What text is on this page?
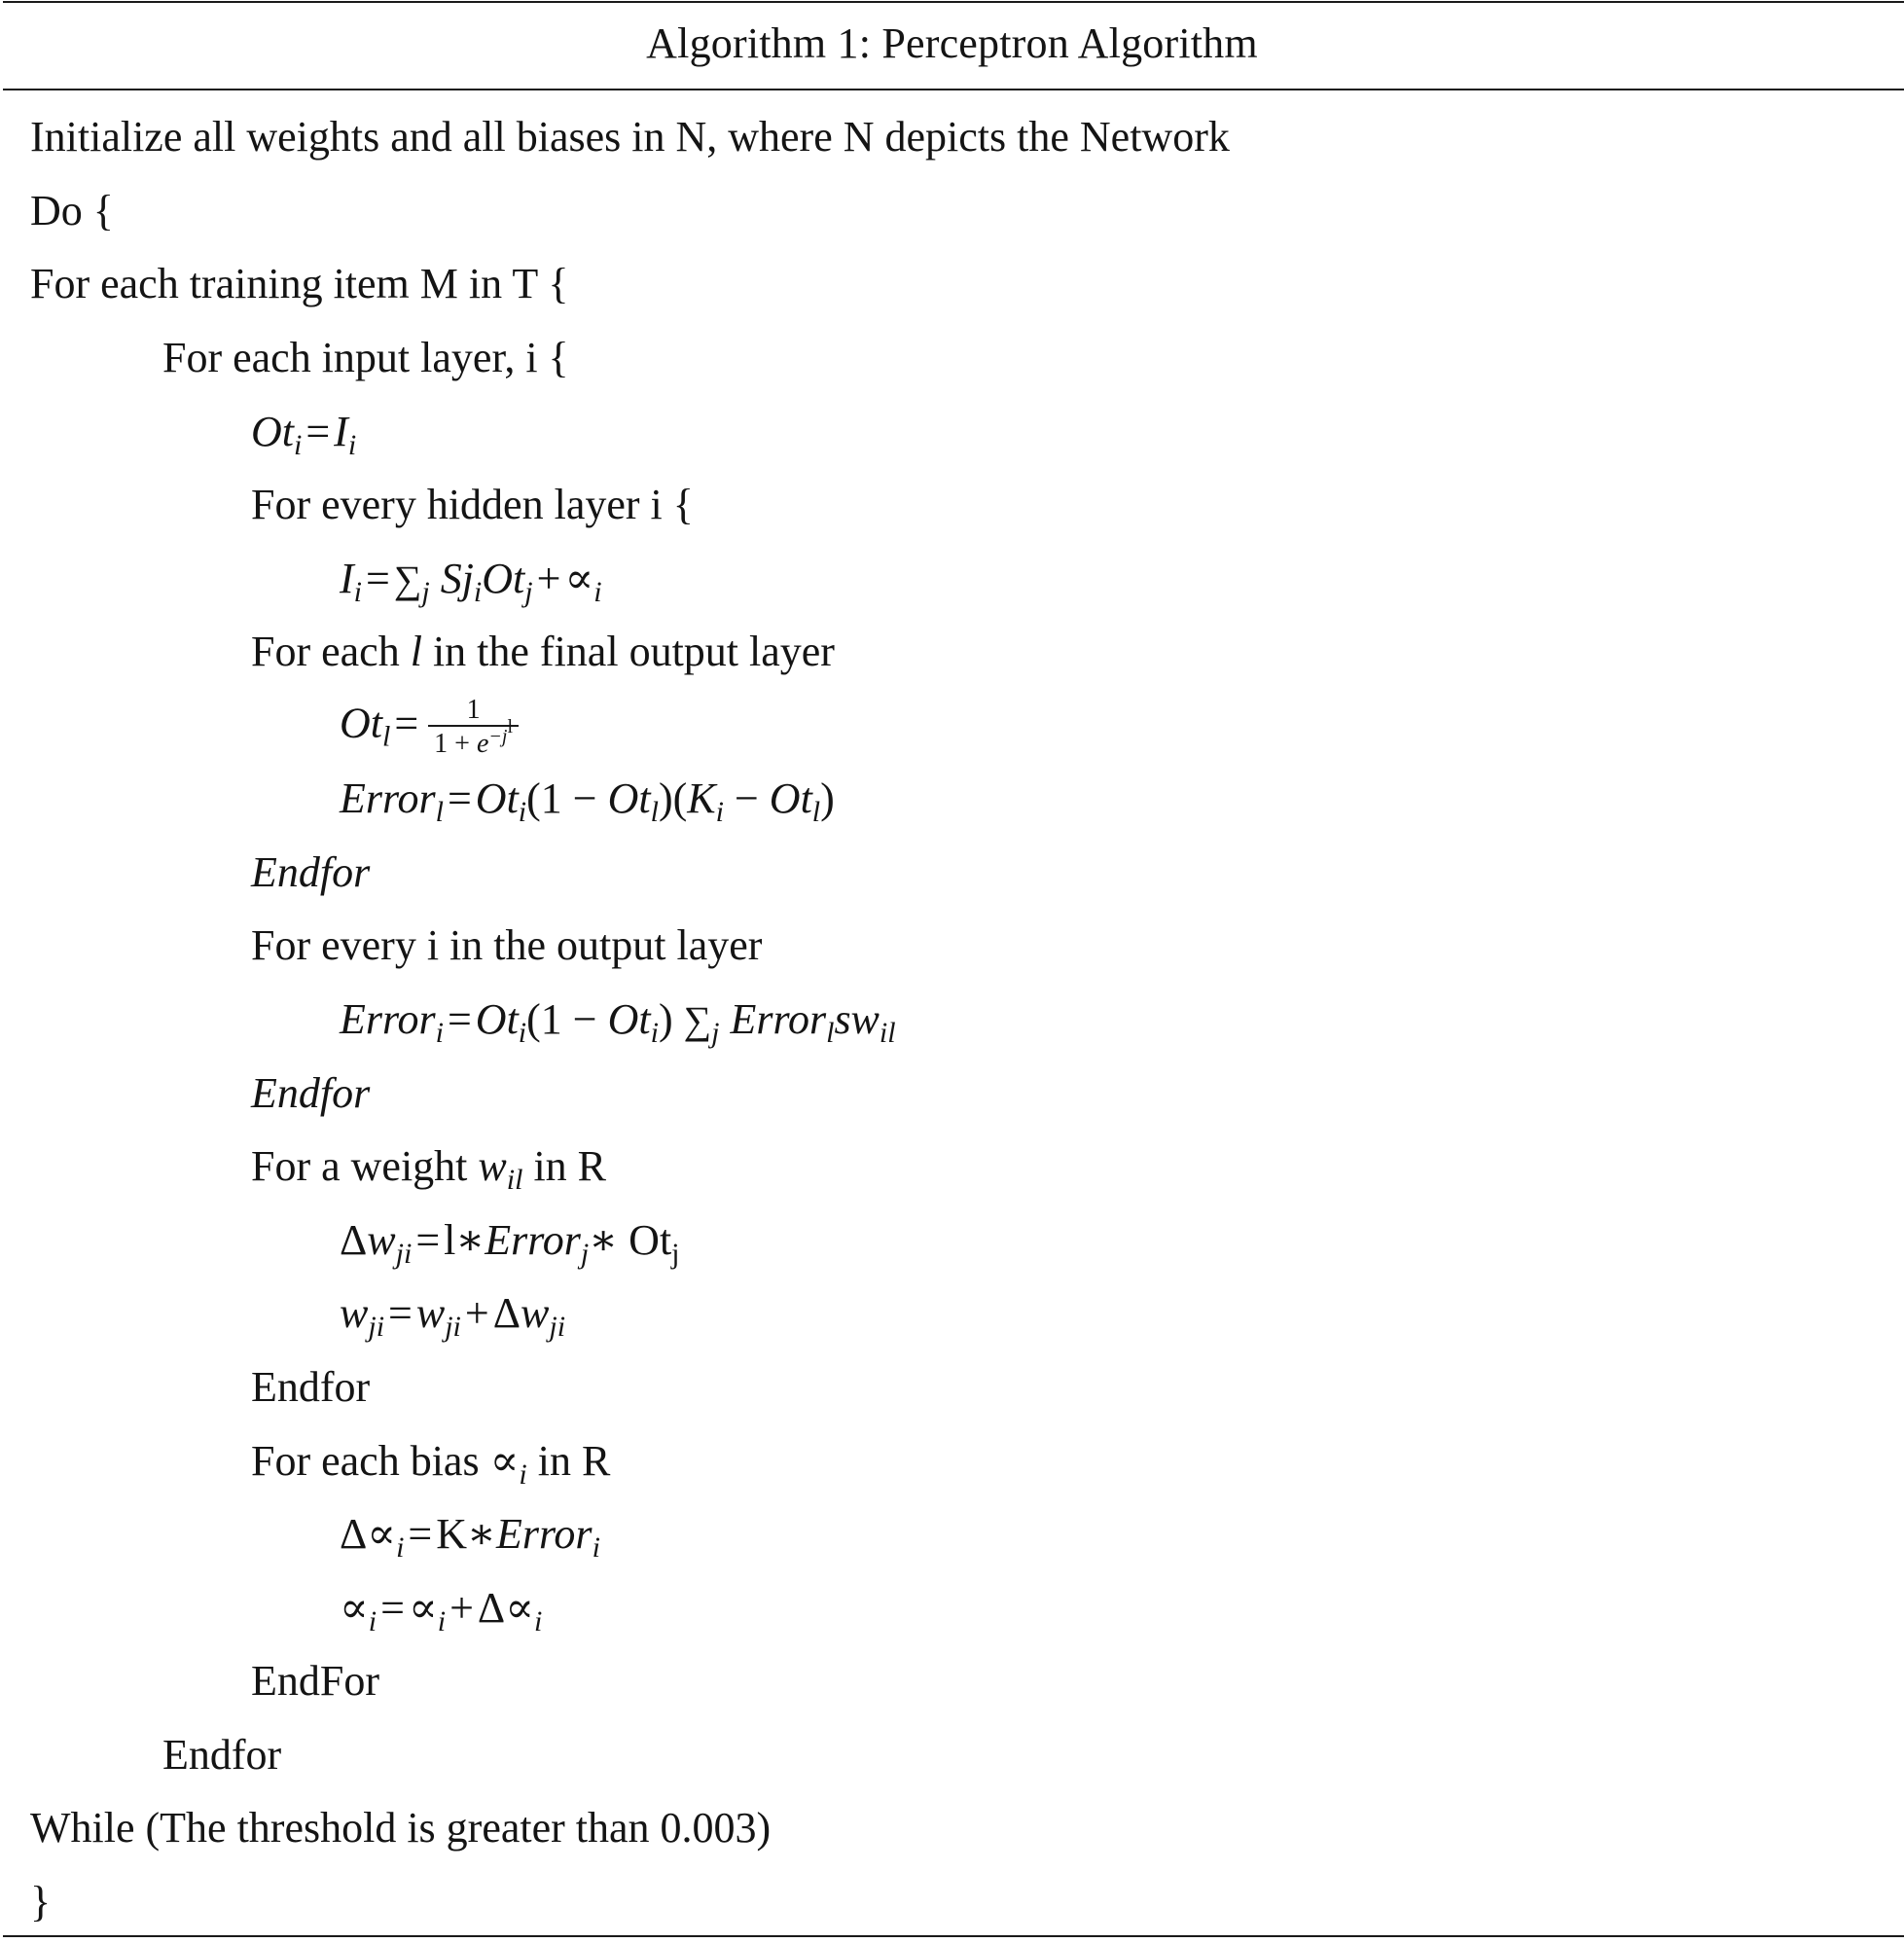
Algorithm 1: Perceptron Algorithm
Initialize all weights and all biases in N, where N depicts the Network
Do {
For each training item M in T {
For each input layer, i {
$Ot_i=I_i$
For every hidden layer i {
$I_i= \sum_j$ $Sj_iOt_j+\propto_i$
For each l in the final output layer
$Ot_l= \frac{1}{1 + e^{-j^l}}$
$Error_l=Ot_i(1 - Ot_l)(K_i - Ot_l)$
Endfor
For every i in the output layer
$Error_i=Ot_i(1 - Ot_i)$ $\sum_j$ $Error_lsw_{il}$
Endfor
For a weight $w_{il}$ in R
$\Delta w_{ji}=l∗Error_j∗$ $Ot_j$
$w_{ji}=w_{ji}+\Delta w_{ji}$
Endfor
For each bias $\propto_i$ in R
$\Delta\propto_i=K∗Error_i$
$\propto_i=\propto_i+\Delta\propto_i$
EndFor
Endfor
While (The threshold is greater than 0.003)
}
